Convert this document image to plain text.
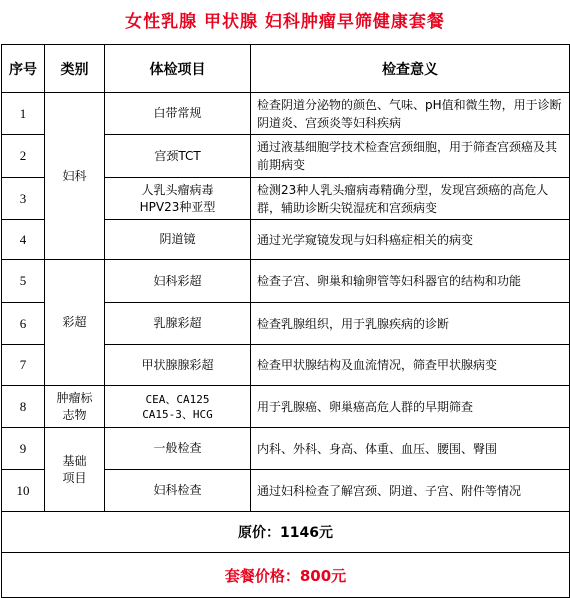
女性乳腺 甲状腺 妇科肿瘤早筛健康套餐
序号	类别	体检项目	检查意义
1	妇科	白带常规	检查阴道分泌物的颜色、气味、pH值和微生物，用于诊断阴道炎、宫颈炎等妇科疾病
2		宫颈TCT	通过液基细胞学技术检查宫颈细胞，用于筛查宫颈癌及其前期病变
3		人乳头瘤病毒
HPV23种亚型	检测23种人乳头瘤病毒精确分型，发现宫颈癌的高危人群，辅助诊断尖锐湿疣和宫颈病变
4		阴道镜	通过光学窥镜发现与妇科癌症相关的病变
5	彩超	妇科彩超	检查子宫、卵巢和输卵管等妇科器官的结构和功能
6		乳腺彩超	检查乳腺组织，用于乳腺疾病的诊断
7		甲状腺腺彩超	检查甲状腺结构及血流情况，筛查甲状腺病变
8	肿瘤标
志物	CEA、CA125
CA15-3、HCG	用于乳腺癌、卵巢癌高危人群的早期筛查
9	基础
项目	一般检查	内科、外科、身高、体重、血压、腰围、臀围
10		妇科检查	通过妇科检查了解宫颈、阴道、子宫、附件等情况
原价：1146元			
套餐价格：800元			
